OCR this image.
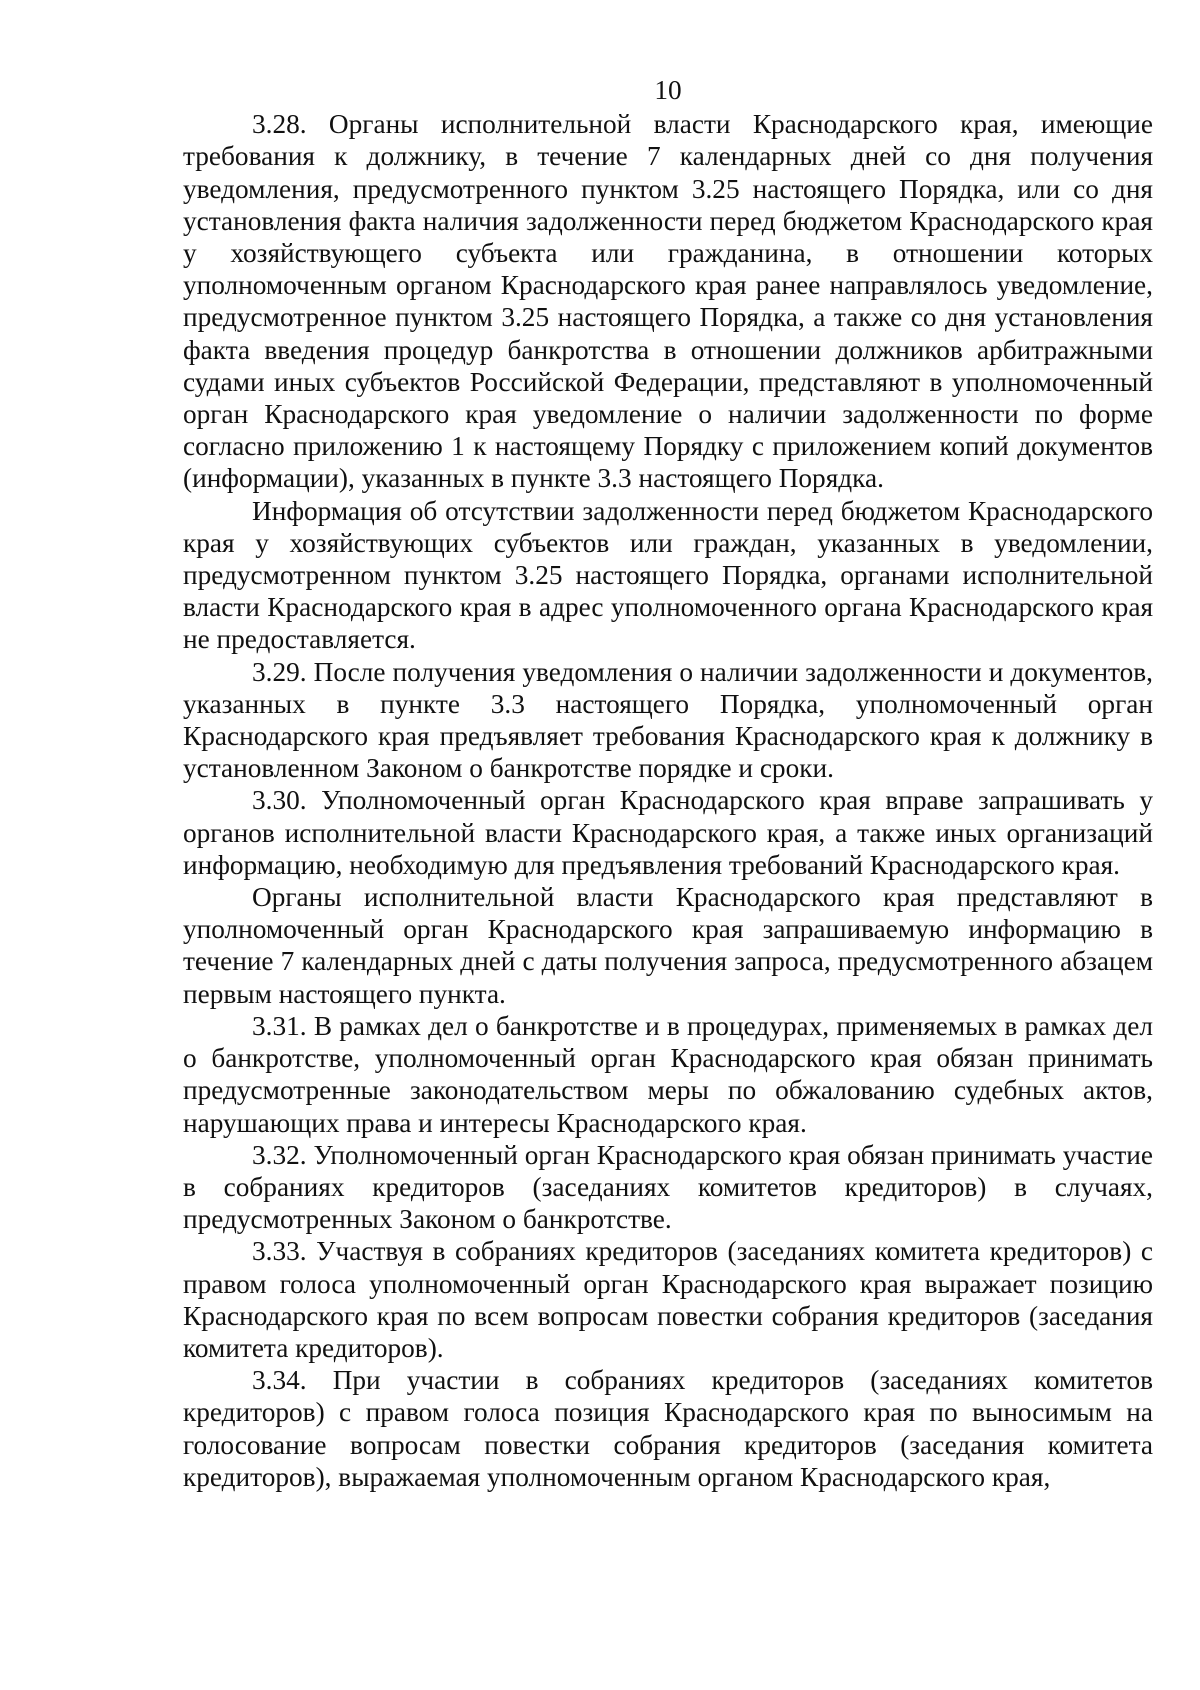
10

3.28. Органы исполнительной власти Краснодарского края, имеющие требования к должнику, в течение 7 календарных дней со дня получения уведомления, предусмотренного пунктом 3.25 настоящего Порядка, или со дня установления факта наличия задолженности перед бюджетом Краснодарского края у хозяйствующего субъекта или гражданина, в отношении которых уполномоченным органом Краснодарского края ранее направлялось уведомление, предусмотренное пунктом 3.25 настоящего Порядка, а также со дня установления факта введения процедур банкротства в отношении должников арбитражными судами иных субъектов Российской Федерации, представляют в уполномоченный орган Краснодарского края уведомление о наличии задолженности по форме согласно приложению 1 к настоящему Порядку с приложением копий документов (информации), указанных в пункте 3.3 настоящего Порядка.

Информация об отсутствии задолженности перед бюджетом Краснодарского края у хозяйствующих субъектов или граждан, указанных в уведомлении, предусмотренном пунктом 3.25 настоящего Порядка, органами исполнительной власти Краснодарского края в адрес уполномоченного органа Краснодарского края не предоставляется.

3.29. После получения уведомления о наличии задолженности и документов, указанных в пункте 3.3 настоящего Порядка, уполномоченный орган Краснодарского края предъявляет требования Краснодарского края к должнику в установленном Законом о банкротстве порядке и сроки.

3.30. Уполномоченный орган Краснодарского края вправе запрашивать у органов исполнительной власти Краснодарского края, а также иных организаций информацию, необходимую для предъявления требований Краснодарского края.

Органы исполнительной власти Краснодарского края представляют в уполномоченный орган Краснодарского края запрашиваемую информацию в течение 7 календарных дней с даты получения запроса, предусмотренного абзацем первым настоящего пункта.

3.31. В рамках дел о банкротстве и в процедурах, применяемых в рамках дел о банкротстве, уполномоченный орган Краснодарского края обязан принимать предусмотренные законодательством меры по обжалованию судебных актов, нарушающих права и интересы Краснодарского края.

3.32. Уполномоченный орган Краснодарского края обязан принимать участие в собраниях кредиторов (заседаниях комитетов кредиторов) в случаях, предусмотренных Законом о банкротстве.

3.33. Участвуя в собраниях кредиторов (заседаниях комитета кредиторов) с правом голоса уполномоченный орган Краснодарского края выражает позицию Краснодарского края по всем вопросам повестки собрания кредиторов (заседания комитета кредиторов).

3.34. При участии в собраниях кредиторов (заседаниях комитетов кредиторов) с правом голоса позиция Краснодарского края по выносимым на голосование вопросам повестки собрания кредиторов (заседания комитета кредиторов), выражаемая уполномоченным органом Краснодарского края,
